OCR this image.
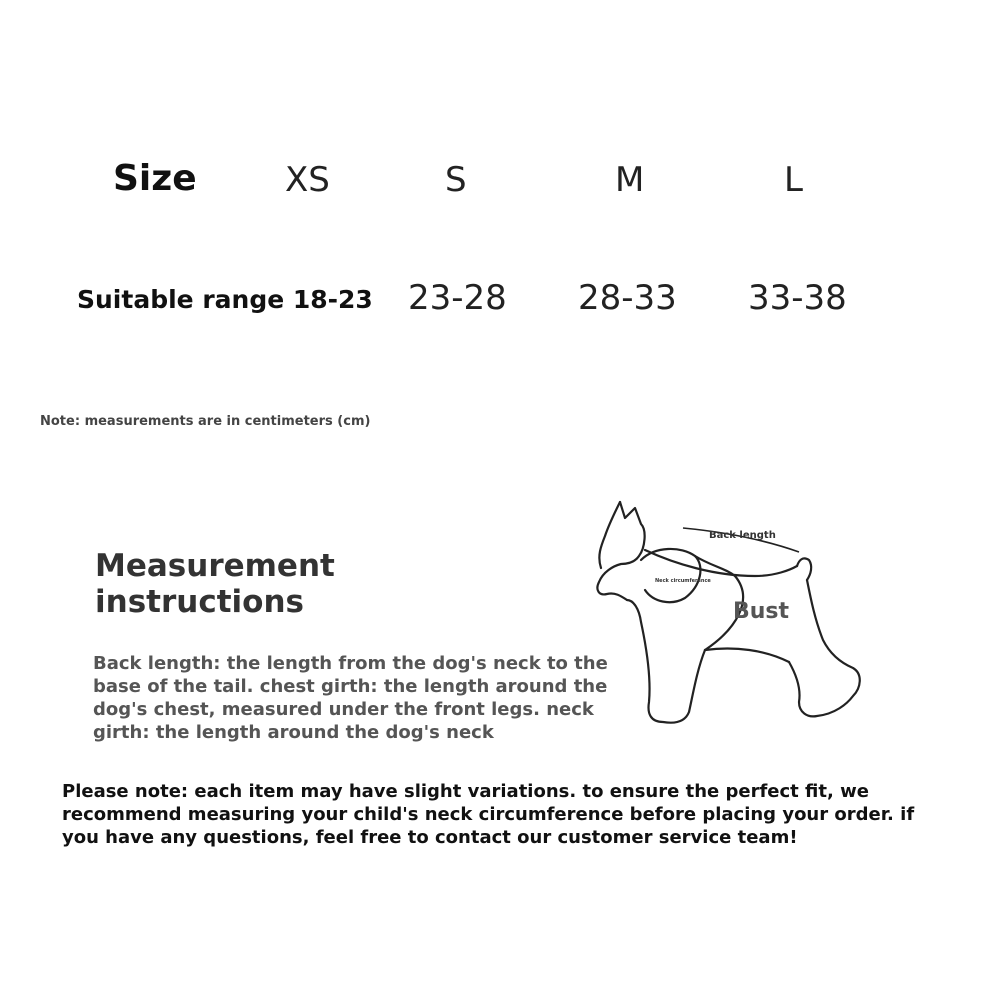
Size	XS	S	M	L
Suitable range 18-23 23-28 28-33 33-38
Note: measurements are in centimeters (cm)
Measurement instructions
Back length: the length from the dog's neck to the base of the tail. chest girth: the length around the dog's chest, measured under the front legs. neck girth: the length around the dog's neck
Back length
Neck circumference
Bust
Please note: each item may have slight variations. to ensure the perfect fit, we recommend measuring your child's neck circumference before placing your order. if you have any questions, feel free to contact our customer service team!
